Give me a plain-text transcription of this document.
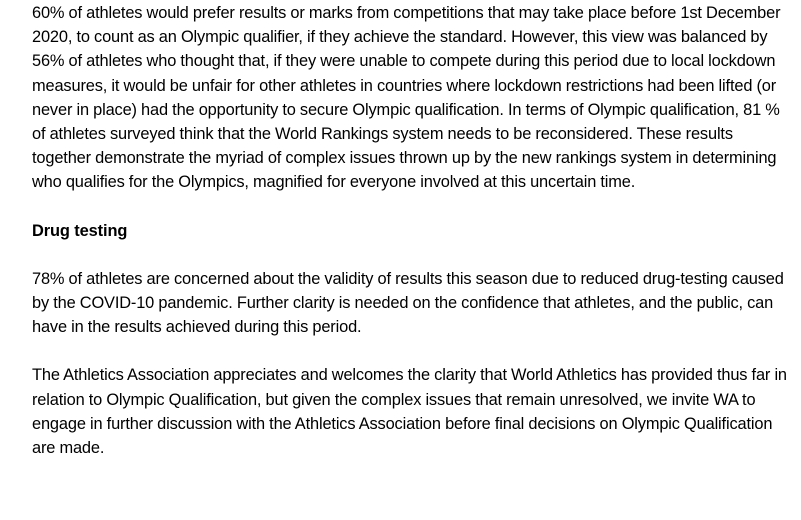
60% of athletes would prefer results or marks from competitions that may take place before 1st December 2020, to count as an Olympic qualifier, if they achieve the standard. However, this view was balanced by 56% of athletes who thought that, if they were unable to compete during this period due to local lockdown measures, it would be unfair for other athletes in countries where lockdown restrictions had been lifted (or never in place) had the opportunity to secure Olympic qualification. In terms of Olympic qualification, 81 % of athletes surveyed think that the World Rankings system needs to be reconsidered. These results together demonstrate the myriad of complex issues thrown up by the new rankings system in determining who qualifies for the Olympics, magnified for everyone involved at this uncertain time.

Drug testing

78% of athletes are concerned about the validity of results this season due to reduced drug-testing caused by the COVID-10 pandemic. Further clarity is needed on the confidence that athletes, and the public, can have in the results achieved during this period.

The Athletics Association appreciates and welcomes the clarity that World Athletics has provided thus far in relation to Olympic Qualification, but given the complex issues that remain unresolved, we invite WA to engage in further discussion with the Athletics Association before final decisions on Olympic Qualification are made.
